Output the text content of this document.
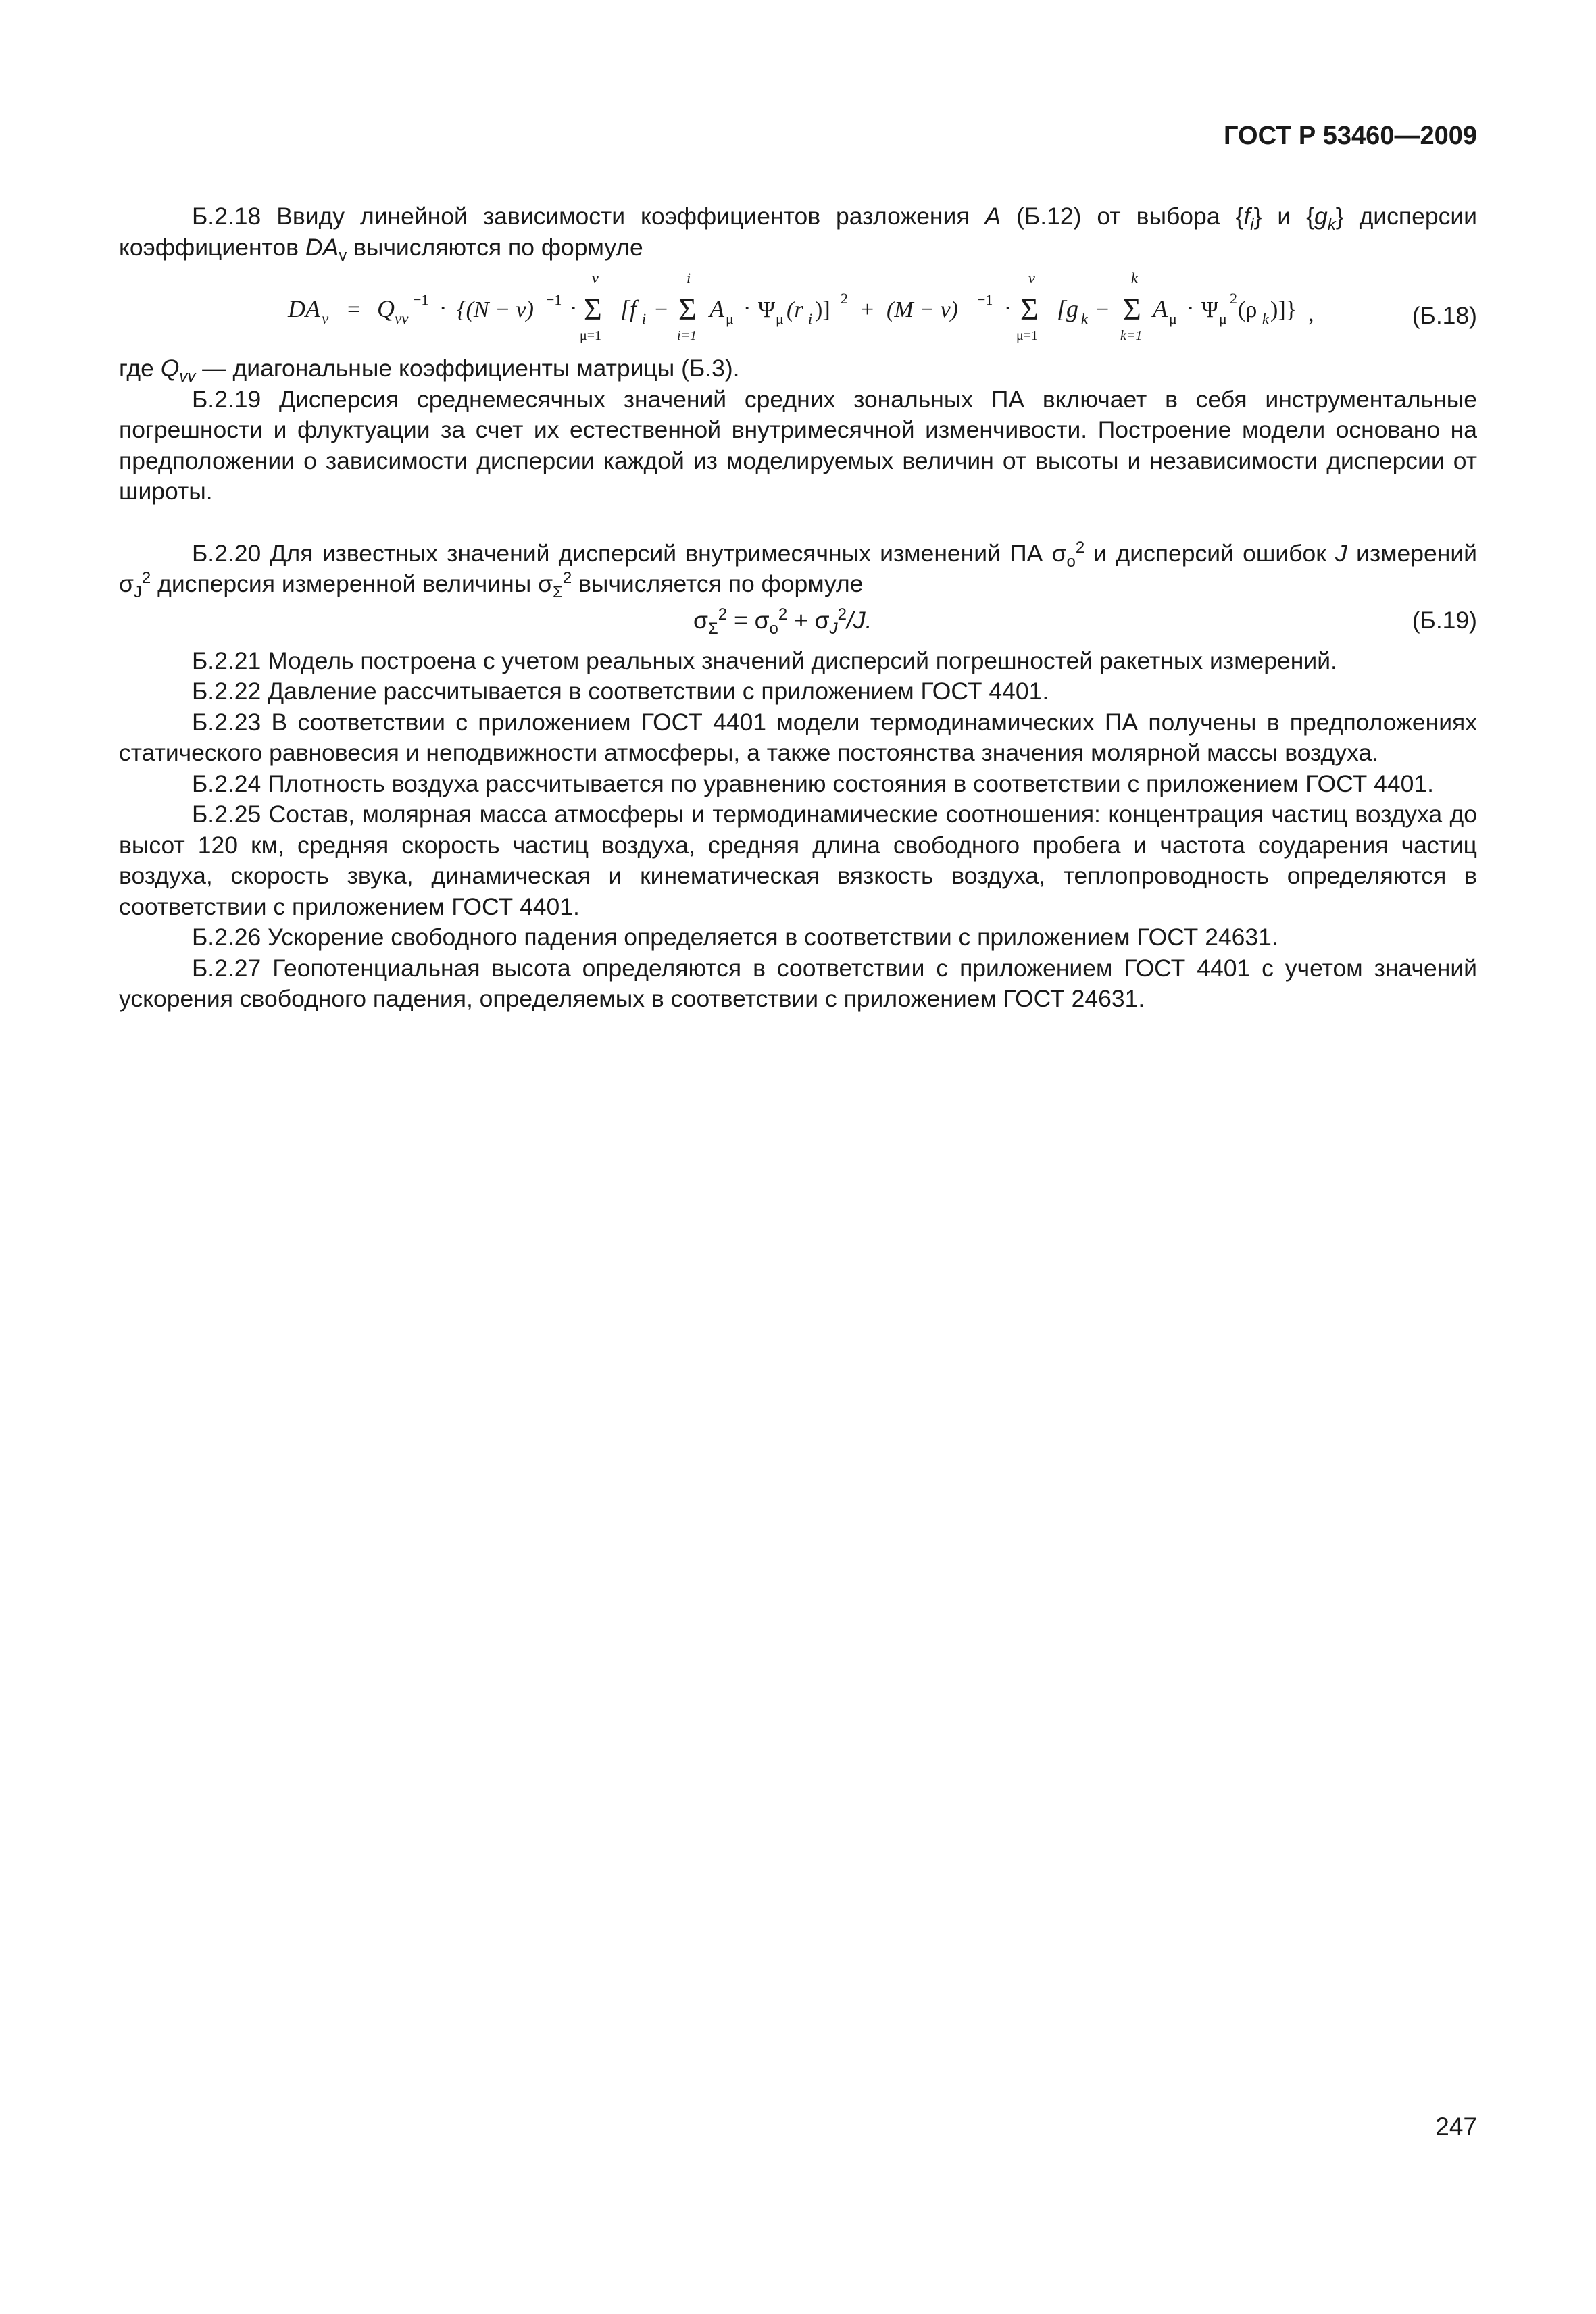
ГОСТ Р 53460—2009

Б.2.18 Ввиду линейной зависимости коэффициентов разложения A (Б.12) от выбора $\{f_i\}$ и $\{g_k\}$ дисперсии коэффициентов $DA_v$ вычисляются по формуле

DA v = Q vv
−1 · {(N − v) −1 ·
v
Σ
μ=1
[f i −
i
Σ
i=1
A μ · Ψ μ (r i )] 2 + (M − v) −1 ·
v
Σ
μ=1
[g k −
k
Σ
k=1
A μ · Ψ μ
2 (ρ k )]} ,	(Б.18)

где $Q_{vv}$ — диагональные коэффициенты матрицы (Б.3).

Б.2.19 Дисперсия среднемесячных значений средних зональных ПА включает в себя инструментальные погрешности и флуктуации за счет их естественной внутримесячной изменчивости. Построение модели основано на предположении о зависимости дисперсии каждой из моделируемых величин от высоты и независимости дисперсии от широты.

Б.2.20 Для известных значений дисперсий внутримесячных изменений ПА $\sigma_о^2$ и дисперсий ошибок J измерений $\sigma_J^2$ дисперсия измеренной величины $\sigma_\Sigma^2$ вычисляется по формуле

$\sigma_\Sigma^2 = \sigma_о^2 + \sigma_J^2/J$.	(Б.19)

Б.2.21 Модель построена с учетом реальных значений дисперсий погрешностей ракетных измерений.

Б.2.22 Давление рассчитывается в соответствии с приложением ГОСТ 4401.

Б.2.23 В соответствии с приложением ГОСТ 4401 модели термодинамических ПА получены в предположениях статического равновесия и неподвижности атмосферы, а также постоянства значения молярной массы воздуха.

Б.2.24 Плотность воздуха рассчитывается по уравнению состояния в соответствии с приложением ГОСТ 4401.

Б.2.25 Состав, молярная масса атмосферы и термодинамические соотношения: концентрация частиц воздуха до высот 120 км, средняя скорость частиц воздуха, средняя длина свободного пробега и частота соударения частиц воздуха, скорость звука, динамическая и кинематическая вязкость воздуха, теплопроводность определяются в соответствии с приложением ГОСТ 4401.

Б.2.26 Ускорение свободного падения определяется в соответствии с приложением ГОСТ 24631.

Б.2.27 Геопотенциальная высота определяются в соответствии с приложением ГОСТ 4401 с учетом значений ускорения свободного падения, определяемых в соответствии с приложением ГОСТ 24631.

247
